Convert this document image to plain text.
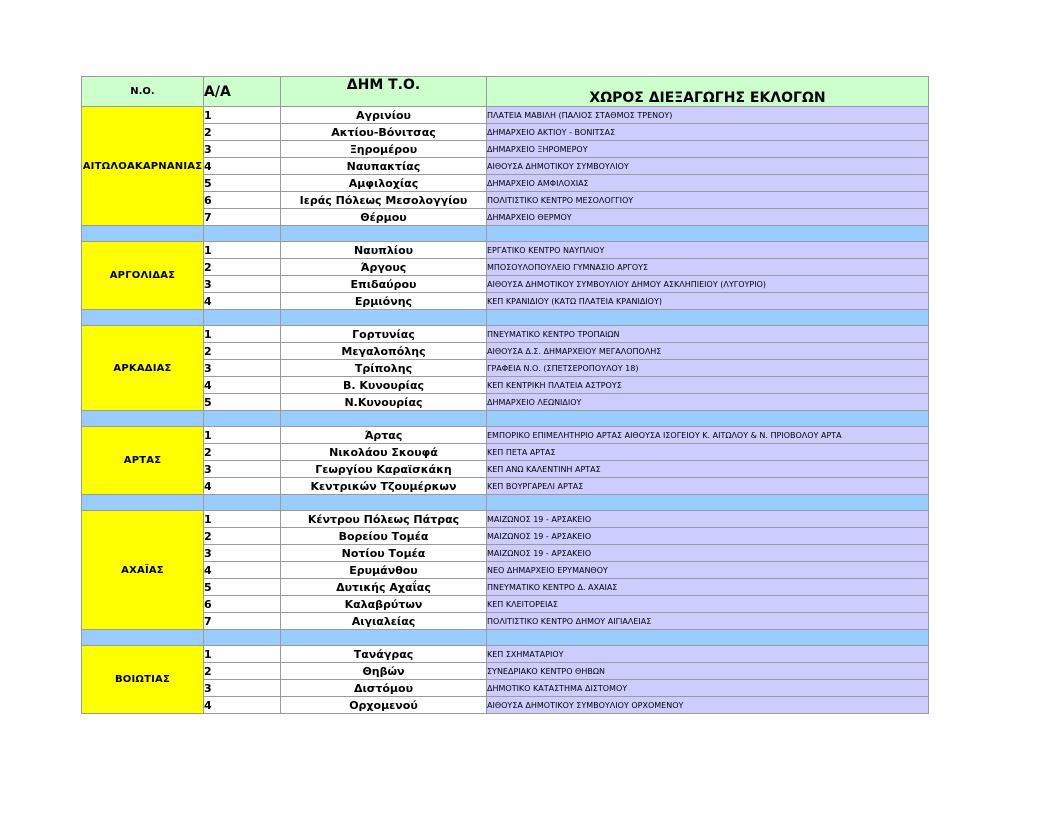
Ν.Ο.	Α/Α	ΔΗΜ Τ.Ο.	ΧΩΡΟΣ ΔΙΕΞΑΓΩΓΗΣ ΕΚΛΟΓΩΝ
ΑΙΤΩΛΟΑΚΑΡΝΑΝΙΑΣ	1	Αγρινίου	ΠΛΑΤΕΙΑ ΜΑΒΙΛΗ (ΠΑΛΙΟΣ ΣΤΑΘΜΟΣ ΤΡΕΝΟΥ)
	2	Ακτίου-Βόνιτσας	ΔΗΜΑΡΧΕΙΟ ΑΚΤΙΟΥ - ΒΟΝΙΤΣΑΣ
	3	Ξηρομέρου	ΔΗΜΑΡΧΕΙΟ ΞΗΡΟΜΕΡΟΥ
	4	Ναυπακτίας	ΑΙΘΟΥΣΑ ΔΗΜΟΤΙΚΟΥ ΣΥΜΒΟΥΛΙΟΥ
	5	Αμφιλοχίας	ΔΗΜΑΡΧΕΙΟ ΑΜΦΙΛΟΧΙΑΣ
	6	Ιεράς Πόλεως Μεσολογγίου	ΠΟΛΙΤΙΣΤΙΚΟ ΚΕΝΤΡΟ ΜΕΣΟΛΟΓΓΙΟΥ
	7	Θέρμου	ΔΗΜΑΡΧΕΙΟ ΘΕΡΜΟΥ

ΑΡΓΟΛΙΔΑΣ	1	Ναυπλίου	ΕΡΓΑΤΙΚΟ ΚΕΝΤΡΟ ΝΑΥΠΛΙΟΥ
	2	Άργους	ΜΠΟΣΟΥΛΟΠΟΥΛΕΙΟ ΓΥΜΝΑΣΙΟ ΑΡΓΟΥΣ
	3	Επιδαύρου	ΑΙΘΟΥΣΑ ΔΗΜΟΤΙΚΟΥ ΣΥΜΒΟΥΛΙΟΥ ΔΗΜΟΥ ΑΣΚΛΗΠΙΕΙΟΥ (ΛΥΓΟΥΡΙΟ)
	4	Ερμιόνης	ΚΕΠ ΚΡΑΝΙΔΙΟΥ (ΚΑΤΩ ΠΛΑΤΕΙΑ ΚΡΑΝΙΔΙΟΥ)

ΑΡΚΑΔΙΑΣ	1	Γορτυνίας	ΠΝΕΥΜΑΤΙΚΟ ΚΕΝΤΡΟ ΤΡΟΠΑΙΩΝ
	2	Μεγαλοπόλης	ΑΙΘΟΥΣΑ Δ.Σ. ΔΗΜΑΡΧΕΙΟΥ ΜΕΓΑΛΟΠΟΛΗΣ
	3	Τρίπολης	ΓΡΑΦΕΙΑ Ν.Ο. (ΣΠΕΤΣΕΡΟΠΟΥΛΟΥ 18)
	4	Β. Κυνουρίας	ΚΕΠ ΚΕΝΤΡΙΚΗ ΠΛΑΤΕΙΑ ΑΣΤΡΟΥΣ
	5	Ν.Κυνουρίας	ΔΗΜΑΡΧΕΙΟ ΛΕΩΝΙΔΙΟΥ

ΑΡΤΑΣ	1	Άρτας	ΕΜΠΟΡΙΚΟ ΕΠΙΜΕΛΗΤΗΡΙΟ ΑΡΤΑΣ ΑΙΘΟΥΣΑ ΙΣΟΓΕΙΟΥ Κ. ΑΙΤΩΛΟΥ & Ν. ΠΡΙΟΒΟΛΟΥ ΑΡΤΑ
	2	Νικολάου Σκουφά	ΚΕΠ ΠΕΤΑ ΑΡΤΑΣ
	3	Γεωργίου Καραϊσκάκη	ΚΕΠ ΑΝΩ ΚΑΛΕΝΤΙΝΗ ΑΡΤΑΣ
	4	Κεντρικών Τζουμέρκων	ΚΕΠ ΒΟΥΡΓΑΡΕΛΙ ΑΡΤΑΣ

ΑΧΑΪΑΣ	1	Κέντρου Πόλεως Πάτρας	ΜΑΙΖΩΝΟΣ 19 - ΑΡΣΑΚΕΙΟ
	2	Βορείου Τομέα	ΜΑΙΖΩΝΟΣ 19 - ΑΡΣΑΚΕΙΟ
	3	Νοτίου Τομέα	ΜΑΙΖΩΝΟΣ 19 - ΑΡΣΑΚΕΙΟ
	4	Ερυμάνθου	ΝΕΟ ΔΗΜΑΡΧΕΙΟ ΕΡΥΜΑΝΘΟΥ
	5	Δυτικής Αχαΐας	ΠΝΕΥΜΑΤΙΚΟ ΚΕΝΤΡΟ Δ. ΑΧΑΙΑΣ
	6	Καλαβρύτων	ΚΕΠ ΚΛΕΙΤΟΡΕΙΑΣ
	7	Αιγιαλείας	ΠΟΛΙΤΙΣΤΙΚΟ ΚΕΝΤΡΟ ΔΗΜΟΥ ΑΙΓΙΑΛΕΙΑΣ

ΒΟΙΩΤΙΑΣ	1	Τανάγρας	ΚΕΠ ΣΧΗΜΑΤΑΡΙΟΥ
	2	Θηβών	ΣΥΝΕΔΡΙΑΚΟ ΚΕΝΤΡΟ ΘΗΒΩΝ
	3	Διστόμου	ΔΗΜΟΤΙΚΟ ΚΑΤΑΣΤΗΜΑ ΔΙΣΤΟΜΟΥ
	4	Ορχομενού	ΑΙΘΟΥΣΑ ΔΗΜΟΤΙΚΟΥ ΣΥΜΒΟΥΛΙΟΥ ΟΡΧΟΜΕΝΟΥ
